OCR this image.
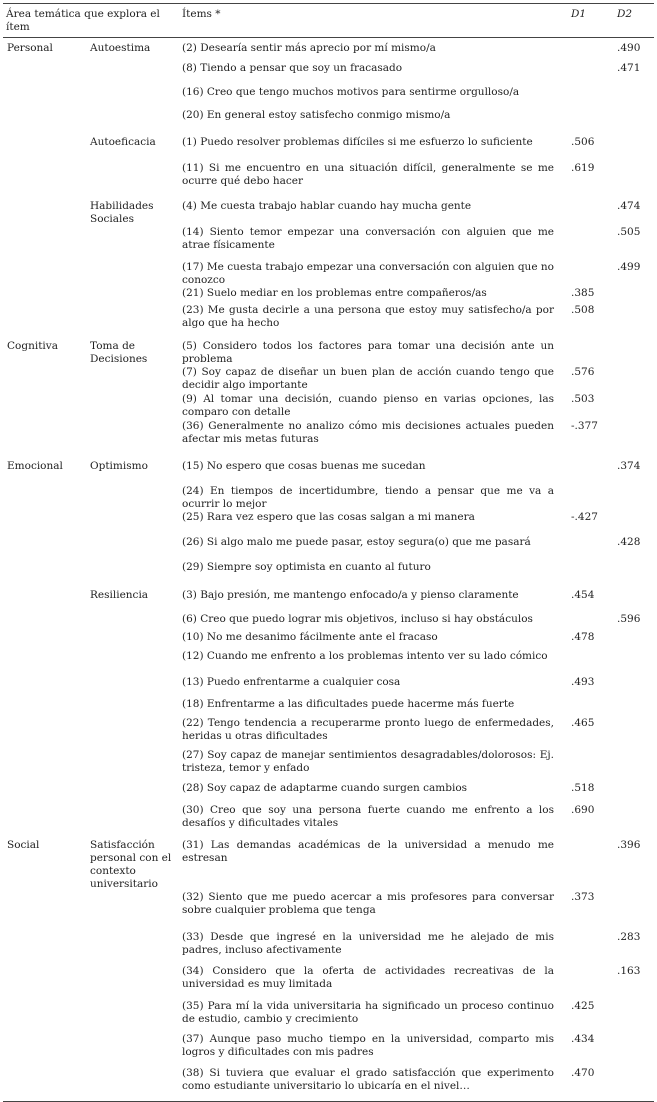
Área temática que explora el ítem		Ítems *	D1	D2
Personal	Autoestima	(2) Desearía sentir más aprecio por mí mismo/a		.490
		(8) Tiendo a pensar que soy un fracasado		.471
		(16) Creo que tengo muchos motivos para sentirme orgulloso/a		
		(20) En general estoy satisfecho conmigo mismo/a		
	Autoeficacia	(1) Puedo resolver problemas difíciles si me esfuerzo lo suficiente	.506	
		(11) Si me encuentro en una situación difícil, generalmente se me ocurre qué debo hacer	.619	
	Habilidades Sociales	(4) Me cuesta trabajo hablar cuando hay mucha gente		.474
		(14) Siento temor empezar una conversación con alguien que me atrae físicamente		.505
		(17) Me cuesta trabajo empezar una conversación con alguien que no conozco		.499
		(21) Suelo mediar en los problemas entre compañeros/as	.385	
		(23) Me gusta decirle a una persona que estoy muy satisfecho/a por algo que ha hecho	.508	
Cognitiva	Toma de Decisiones	(5) Considero todos los factores para tomar una decisión ante un problema		
		(7) Soy capaz de diseñar un buen plan de acción cuando tengo que decidir algo importante	.576	
		(9) Al tomar una decisión, cuando pienso en varias opciones, las comparo con detalle	.503	
		(36) Generalmente no analizo cómo mis decisiones actuales pueden afectar mis metas futuras	-.377	
Emocional	Optimismo	(15) No espero que cosas buenas me sucedan		.374
		(24) En tiempos de incertidumbre, tiendo a pensar que me va a ocurrir lo mejor		
		(25) Rara vez espero que las cosas salgan a mi manera	-.427	
		(26) Si algo malo me puede pasar, estoy segura(o) que me pasará		.428
		(29) Siempre soy optimista en cuanto al futuro		
	Resiliencia	(3) Bajo presión, me mantengo enfocado/a y pienso claramente	.454	
		(6) Creo que puedo lograr mis objetivos, incluso si hay obstáculos		.596
		(10) No me desanimo fácilmente ante el fracaso	.478	
		(12) Cuando me enfrento a los problemas intento ver su lado cómico		
		(13) Puedo enfrentarme a cualquier cosa	.493	
		(18) Enfrentarme a las dificultades puede hacerme más fuerte		
		(22) Tengo tendencia a recuperarme pronto luego de enfermedades, heridas u otras dificultades	.465	
		(27) Soy capaz de manejar sentimientos desagradables/dolorosos: Ej. tristeza, temor y enfado		
		(28) Soy capaz de adaptarme cuando surgen cambios	.518	
		(30) Creo que soy una persona fuerte cuando me enfrento a los desafíos y dificultades vitales	.690	
Social	Satisfacción personal con el contexto universitario	(31) Las demandas académicas de la universidad a menudo me estresan		.396
		(32) Siento que me puedo acercar a mis profesores para conversar sobre cualquier problema que tenga	.373	
		(33) Desde que ingresé en la universidad me he alejado de mis padres, incluso afectivamente		.283
		(34) Considero que la oferta de actividades recreativas de la universidad es muy limitada		.163
		(35) Para mí la vida universitaria ha significado un proceso continuo de estudio, cambio y crecimiento	.425	
		(37) Aunque paso mucho tiempo en la universidad, comparto mis logros y dificultades con mis padres	.434	
		(38) Si tuviera que evaluar el grado satisfacción que experimento como estudiante universitario lo ubicaría en el nivel…	.470	
